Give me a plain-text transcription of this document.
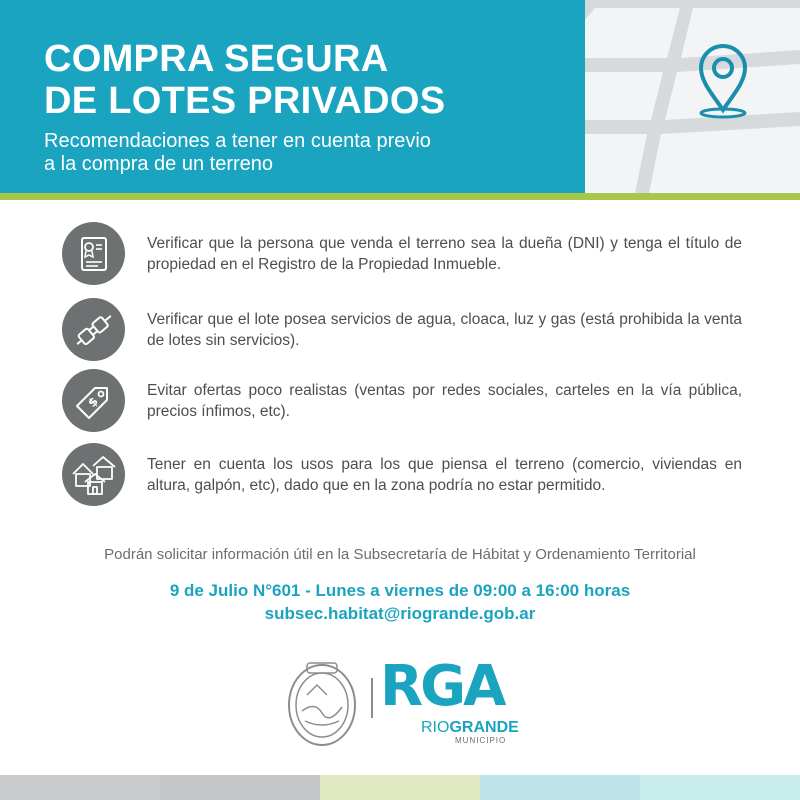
COMPRA SEGURA
DE LOTES PRIVADOS
Recomendaciones a tener en cuenta previo
a la compra de un terreno
Verificar que la persona que venda el terreno sea la dueña (DNI) y tenga el título de propiedad en el Registro de la Propiedad Inmueble.
Verificar que el lote posea servicios de agua, cloaca, luz y gas (está prohibida la venta de lotes sin servicios).
$
Evitar ofertas poco realistas (ventas por redes sociales, carteles en la vía pública, precios ínfimos, etc).
Tener en cuenta los usos para los que piensa el terreno (comercio, viviendas en altura, galpón, etc), dado que en la zona podría no estar permitido.
Podrán solicitar información útil en la Subsecretaría de Hábitat y Ordenamiento Territorial
9 de Julio N°601 - Lunes a viernes de 09:00 a 16:00 horas
subsec.habitat@riogrande.gob.ar
RGA
RIOGRANDE
MUNICIPIO
